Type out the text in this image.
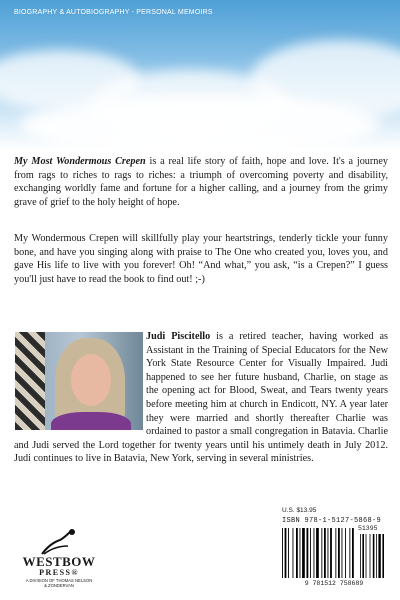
BIOGRAPHY & AUTOBIOGRAPHY - PERSONAL MEMOIRS

My Most Wondermous Crepen is a real life story of faith, hope and love. It's a journey from rags to riches to rags to riches: a triumph of overcoming poverty and disability, exchanging worldly fame and fortune for a higher calling, and a journey from the grimy grave of grief to the holy height of hope.

My Wondermous Crepen will skillfully play your heartstrings, tenderly tickle your funny bone, and have you singing along with praise to The One who created you, loves you, and gave His life to live with you forever! Oh! “And what,” you ask, “is a Crepen?” I guess you'll just have to read the book to find out! ;-)

Judi Piscitello is a retired teacher, having worked as Assistant in the Training of Special Educators for the New York State Resource Center for Visually Impaired. Judi happened to see her future husband, Charlie, on stage as the opening act for Blood, Sweat, and Tears twenty years before meeting him at church in Endicott, NY. A year later they were married and shortly thereafter Charlie was ordained to pastor a small congregation in Batavia. Charlie and Judi served the Lord together for twenty years until his untimely death in July 2012. Judi continues to live in Batavia, New York, serving in several ministries.

WESTBOW
PRESS®
A DIVISION OF THOMAS NELSON
& ZONDERVAN
U.S. $13.95
ISBN 978-1-5127-5868-9
9 781512 758689
51395
